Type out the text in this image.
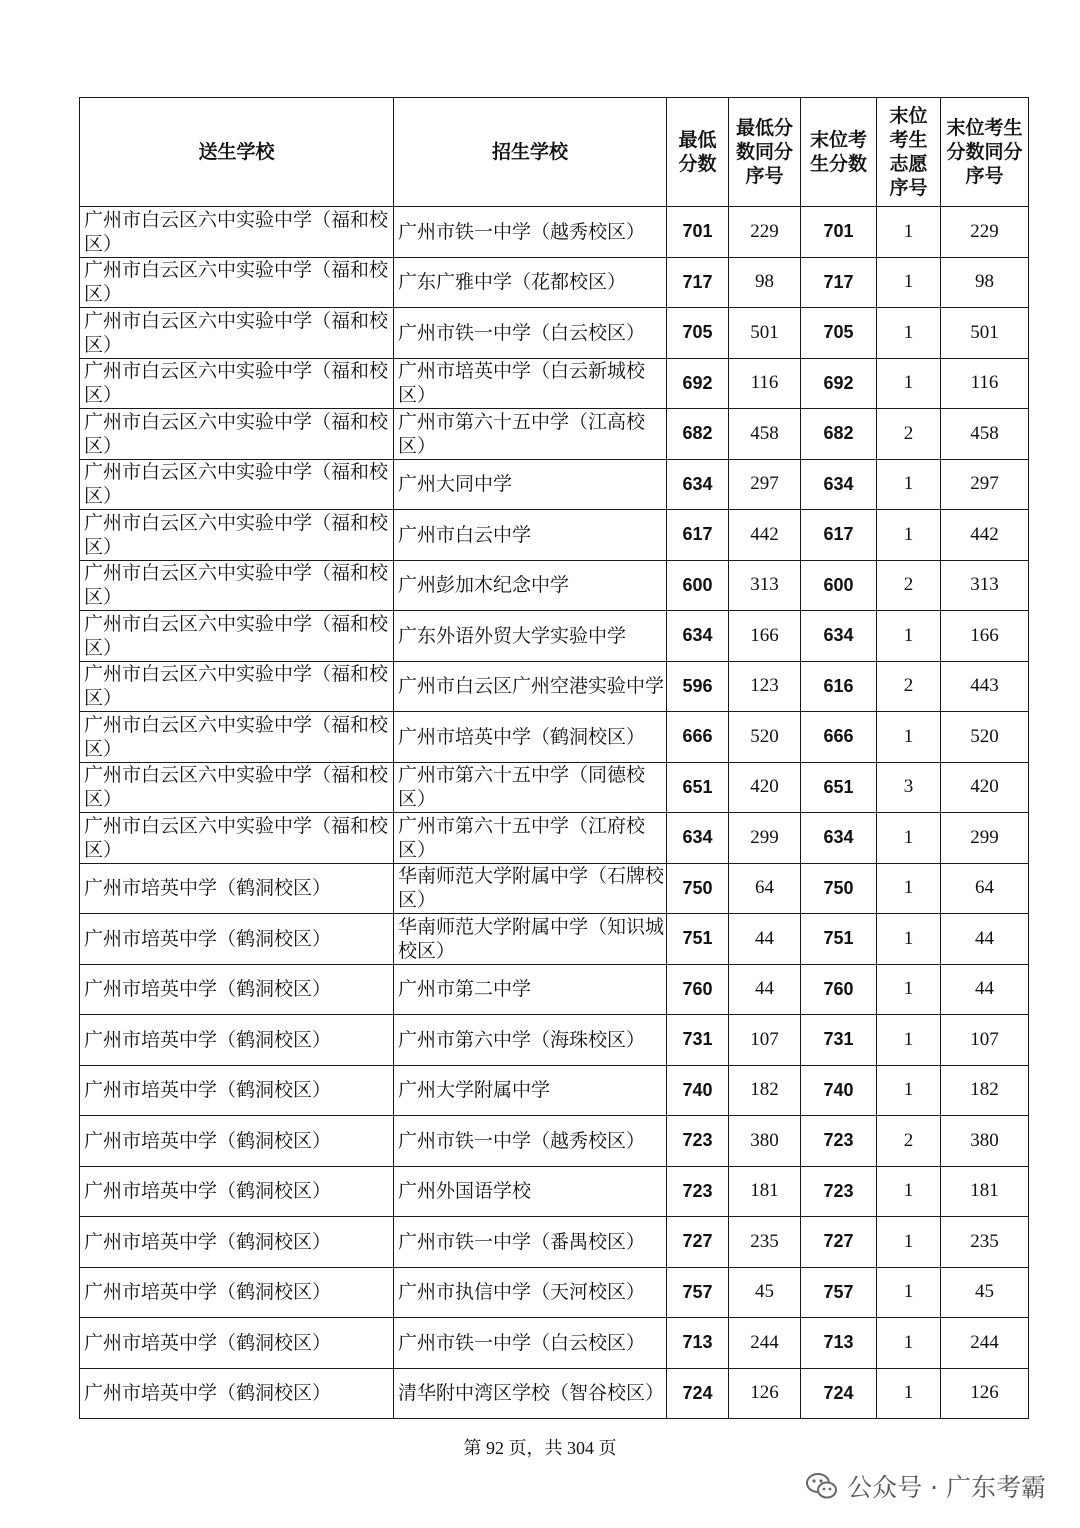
送生学校	招生学校	最低分数	最低分数同分序号	末位考生分数	末位考生志愿序号	末位考生分数同分序号

广州市白云区六中实验中学（福和校区）	广州市铁一中学（越秀校区）	701	229	701	1	229
广州市白云区六中实验中学（福和校区）	广东广雅中学（花都校区）	717	98	717	1	98
广州市白云区六中实验中学（福和校区）	广州市铁一中学（白云校区）	705	501	705	1	501
广州市白云区六中实验中学（福和校区）	广州市培英中学（白云新城校区）	692	116	692	1	116
广州市白云区六中实验中学（福和校区）	广州市第六十五中学（江高校区）	682	458	682	2	458
广州市白云区六中实验中学（福和校区）	广州大同中学	634	297	634	1	297
广州市白云区六中实验中学（福和校区）	广州市白云中学	617	442	617	1	442
广州市白云区六中实验中学（福和校区）	广州彭加木纪念中学	600	313	600	2	313
广州市白云区六中实验中学（福和校区）	广东外语外贸大学实验中学	634	166	634	1	166
广州市白云区六中实验中学（福和校区）	广州市白云区广州空港实验中学	596	123	616	2	443
广州市白云区六中实验中学（福和校区）	广州市培英中学（鹤洞校区）	666	520	666	1	520
广州市白云区六中实验中学（福和校区）	广州市第六十五中学（同德校区）	651	420	651	3	420
广州市白云区六中实验中学（福和校区）	广州市第六十五中学（江府校区）	634	299	634	1	299
广州市培英中学（鹤洞校区）	华南师范大学附属中学（石牌校区）	750	64	750	1	64
广州市培英中学（鹤洞校区）	华南师范大学附属中学（知识城校区）	751	44	751	1	44
广州市培英中学（鹤洞校区）	广州市第二中学	760	44	760	1	44
广州市培英中学（鹤洞校区）	广州市第六中学（海珠校区）	731	107	731	1	107
广州市培英中学（鹤洞校区）	广州大学附属中学	740	182	740	1	182
广州市培英中学（鹤洞校区）	广州市铁一中学（越秀校区）	723	380	723	2	380
广州市培英中学（鹤洞校区）	广州外国语学校	723	181	723	1	181
广州市培英中学（鹤洞校区）	广州市铁一中学（番禺校区）	727	235	727	1	235
广州市培英中学（鹤洞校区）	广州市执信中学（天河校区）	757	45	757	1	45
广州市培英中学（鹤洞校区）	广州市铁一中学（白云校区）	713	244	713	1	244
广州市培英中学（鹤洞校区）	清华附中湾区学校（智谷校区）	724	126	724	1	126
第 92 页，共 304 页
公众号 · 广东考霸
